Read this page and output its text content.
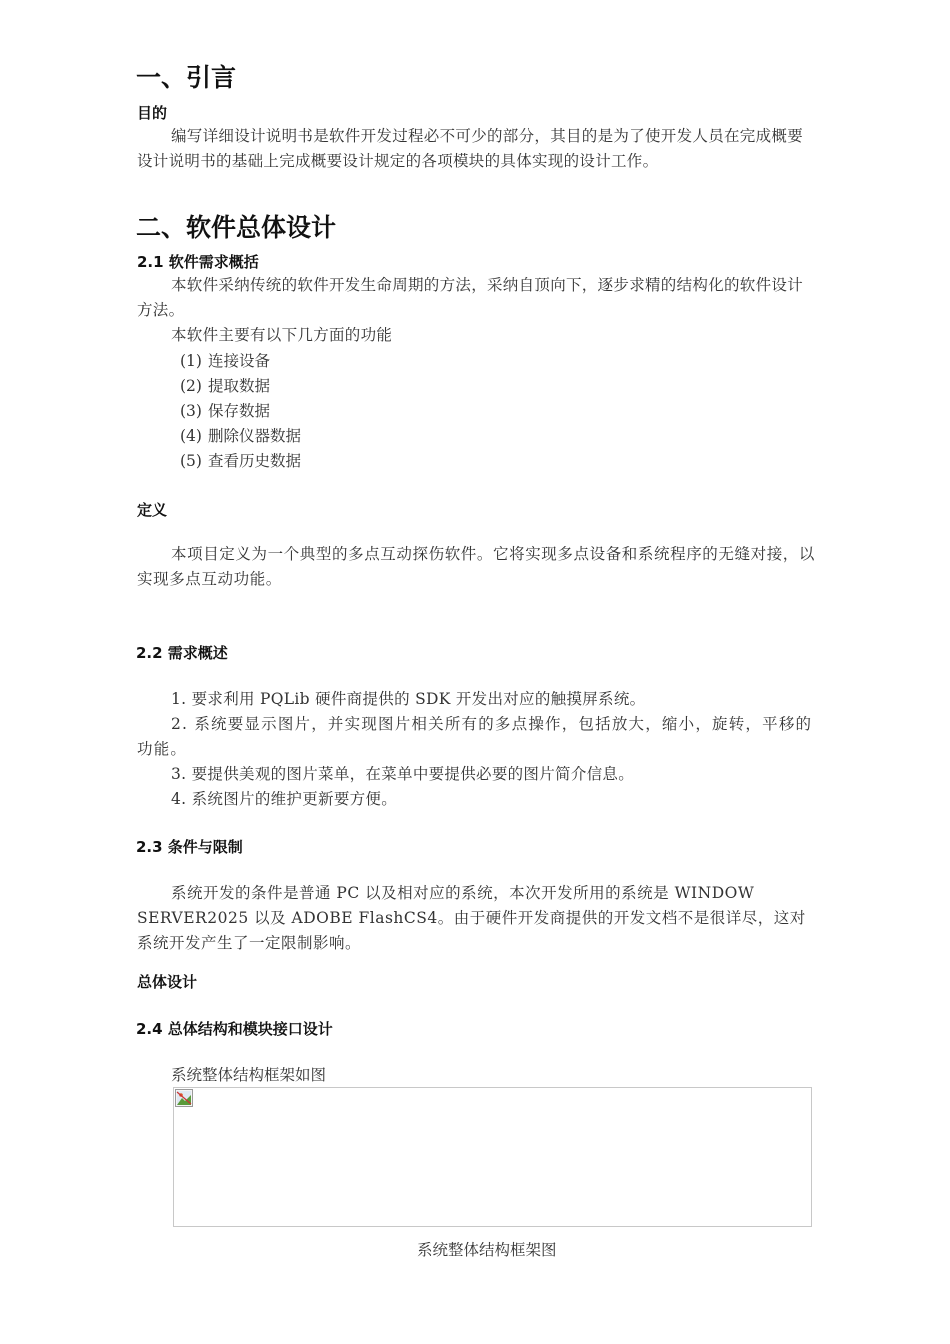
一、引言
目的
编写详细设计说明书是软件开发过程必不可少的部分，其目的是为了使开发人员在完成概要设计说明书的基础上完成概要设计规定的各项模块的具体实现的设计工作。
二、软件总体设计
2.1 软件需求概括
本软件采纳传统的软件开发生命周期的方法，采纳自顶向下，逐步求精的结构化的软件设计方法。
本软件主要有以下几方面的功能
(1) 连接设备
(2) 提取数据
(3) 保存数据
(4) 删除仪器数据
(5) 查看历史数据
定义
本项目定义为一个典型的多点互动探伤软件。它将实现多点设备和系统程序的无缝对接，以实现多点互动功能。
2.2 需求概述
1. 要求利用 PQLib 硬件商提供的 SDK 开发出对应的触摸屏系统。
2. 系统要显示图片，并实现图片相关所有的多点操作，包括放大，缩小，旋转，平移的功能。
3. 要提供美观的图片菜单，在菜单中要提供必要的图片简介信息。
4. 系统图片的维护更新要方便。
2.3 条件与限制
系统开发的条件是普通 PC 以及相对应的系统，本次开发所用的系统是 WINDOW SERVER2025 以及 ADOBE FlashCS4。由于硬件开发商提供的开发文档不是很详尽，这对系统开发产生了一定限制影响。
总体设计
2.4 总体结构和模块接口设计
系统整体结构框架如图
系统整体结构框架图
